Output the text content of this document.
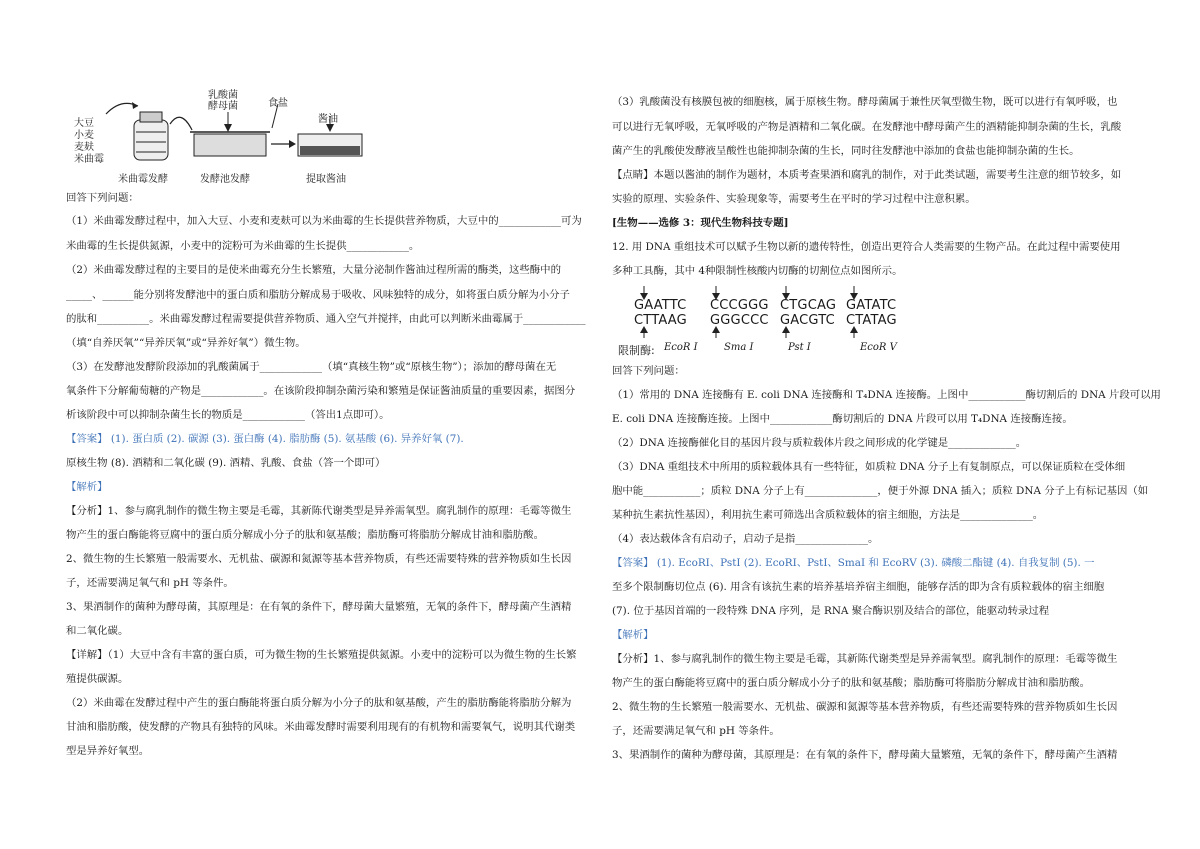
大豆
小麦
麦麸
米曲霉
乳酸菌
酵母菌	食盐
酱油
米曲霉发酵	发酵池发酵	提取酱油
回答下列问题：
（1）米曲霉发酵过程中，加入大豆、小麦和麦麸可以为米曲霉的生长提供营养物质，大豆中的____________可为
米曲霉的生长提供氮源，小麦中的淀粉可为米曲霉的生长提供____________。
（2）米曲霉发酵过程的主要目的是使米曲霉充分生长繁殖，大量分泌制作酱油过程所需的酶类，这些酶中的
_____、______能分别将发酵池中的蛋白质和脂肪分解成易于吸收、风味独特的成分，如将蛋白质分解为小分子
的肽和__________。米曲霉发酵过程需要提供营养物质、通入空气并搅拌，由此可以判断米曲霉属于____________
（填“自养厌氧”“异养厌氧”或“异养好氧”）微生物。
（3）在发酵池发酵阶段添加的乳酸菌属于____________（填“真核生物”或“原核生物”）；添加的酵母菌在无
氧条件下分解葡萄糖的产物是____________。在该阶段抑制杂菌污染和繁殖是保证酱油质量的重要因素，据图分
析该阶段中可以抑制杂菌生长的物质是____________（答出1点即可）。
【答案】 (1). 蛋白质 (2). 碳源 (3). 蛋白酶 (4). 脂肪酶 (5). 氨基酸 (6). 异养好氧 (7).
原核生物 (8). 酒精和二氧化碳 (9). 酒精、乳酸、食盐（答一个即可）
【解析】
【分析】1、参与腐乳制作的微生物主要是毛霉，其新陈代谢类型是异养需氧型。腐乳制作的原理：毛霉等微生
物产生的蛋白酶能将豆腐中的蛋白质分解成小分子的肽和氨基酸；脂肪酶可将脂肪分解成甘油和脂肪酸。
2、微生物的生长繁殖一般需要水、无机盐、碳源和氮源等基本营养物质，有些还需要特殊的营养物质如生长因
子，还需要满足氧气和 pH 等条件。
3、果酒制作的菌种为酵母菌，其原理是：在有氧的条件下，酵母菌大量繁殖，无氧的条件下，酵母菌产生酒精
和二氧化碳。
【详解】（1）大豆中含有丰富的蛋白质，可为微生物的生长繁殖提供氮源。小麦中的淀粉可以为微生物的生长繁
殖提供碳源。
（2）米曲霉在发酵过程中产生的蛋白酶能将蛋白质分解为小分子的肽和氨基酸，产生的脂肪酶能将脂肪分解为
甘油和脂肪酸，使发酵的产物具有独特的风味。米曲霉发酵时需要利用现有的有机物和需要氧气，说明其代谢类
型是异养好氧型。
（3）乳酸菌没有核膜包被的细胞核，属于原核生物。酵母菌属于兼性厌氧型微生物，既可以进行有氧呼吸，也
可以进行无氧呼吸，无氧呼吸的产物是酒精和二氧化碳。在发酵池中酵母菌产生的酒精能抑制杂菌的生长，乳酸
菌产生的乳酸使发酵液呈酸性也能抑制杂菌的生长，同时往发酵池中添加的食盐也能抑制杂菌的生长。
【点睛】本题以酱油的制作为题材，本质考查果酒和腐乳的制作，对于此类试题，需要考生注意的细节较多，如
实验的原理、实验条件、实验现象等，需要考生在平时的学习过程中注意积累。
[生物——选修 3：现代生物科技专题]
12. 用 DNA 重组技术可以赋予生物以新的遗传特性，创造出更符合人类需要的生物产品。在此过程中需要使用
多种工具酶，其中 4种限制性核酸内切酶的切割位点如图所示。
GAATTC
CTTAAG
CCCGGG
GGGCCC
CTGCAG
GACGTC
GATATC
CTATAG
限制酶: EcoR I	Sma I	Pst I	EcoR V
回答下列问题：
（1）常用的 DNA 连接酶有 E. coli DNA 连接酶和 T₄DNA 连接酶。上图中___________酶切割后的 DNA 片段可以用
E. coli DNA 连接酶连接。上图中____________酶切割后的 DNA 片段可以用 T₄DNA 连接酶连接。
（2）DNA 连接酶催化目的基因片段与质粒载体片段之间形成的化学键是_____________。
（3）DNA 重组技术中所用的质粒载体具有一些特征，如质粒 DNA 分子上有复制原点，可以保证质粒在受体细
胞中能___________；质粒 DNA 分子上有______________，便于外源 DNA 插入；质粒 DNA 分子上有标记基因（如
某种抗生素抗性基因），利用抗生素可筛选出含质粒载体的宿主细胞，方法是______________。
（4）表达载体含有启动子，启动子是指______________。
【答案】 (1). EcoRI、PstI (2). EcoRI、PstI、SmaI 和 EcoRV (3). 磷酸二酯键 (4). 自我复制 (5). 一
至多个限制酶切位点 (6). 用含有该抗生素的培养基培养宿主细胞，能够存活的即为含有质粒载体的宿主细胞
(7). 位于基因首端的一段特殊 DNA 序列，是 RNA 聚合酶识别及结合的部位，能驱动转录过程
【解析】
【分析】1、参与腐乳制作的微生物主要是毛霉，其新陈代谢类型是异养需氧型。腐乳制作的原理：毛霉等微生
物产生的蛋白酶能将豆腐中的蛋白质分解成小分子的肽和氨基酸；脂肪酶可将脂肪分解成甘油和脂肪酸。
2、微生物的生长繁殖一般需要水、无机盐、碳源和氮源等基本营养物质，有些还需要特殊的营养物质如生长因
子，还需要满足氧气和 pH 等条件。
3、果酒制作的菌种为酵母菌，其原理是：在有氧的条件下，酵母菌大量繁殖，无氧的条件下，酵母菌产生酒精
